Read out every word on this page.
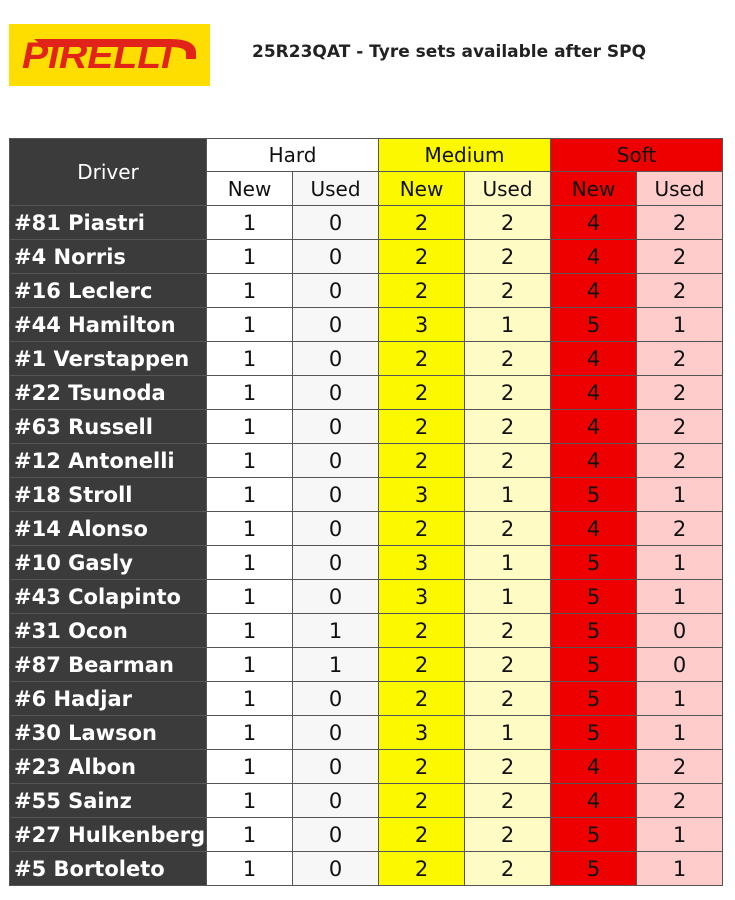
PIRELLI	25R23QAT - Tyre sets available after SPQ
Driver	Hard		Medium		Soft	
	New	Used	New	Used	New	Used
#81 Piastri	1	0	2	2	4	2
#4 Norris	1	0	2	2	4	2
#16 Leclerc	1	0	2	2	4	2
#44 Hamilton	1	0	3	1	5	1
#1 Verstappen	1	0	2	2	4	2
#22 Tsunoda	1	0	2	2	4	2
#63 Russell	1	0	2	2	4	2
#12 Antonelli	1	0	2	2	4	2
#18 Stroll	1	0	3	1	5	1
#14 Alonso	1	0	2	2	4	2
#10 Gasly	1	0	3	1	5	1
#43 Colapinto	1	0	3	1	5	1
#31 Ocon	1	1	2	2	5	0
#87 Bearman	1	1	2	2	5	0
#6 Hadjar	1	0	2	2	5	1
#30 Lawson	1	0	3	1	5	1
#23 Albon	1	0	2	2	4	2
#55 Sainz	1	0	2	2	4	2
#27 Hulkenberg	1	0	2	2	5	1
#5 Bortoleto	1	0	2	2	5	1
